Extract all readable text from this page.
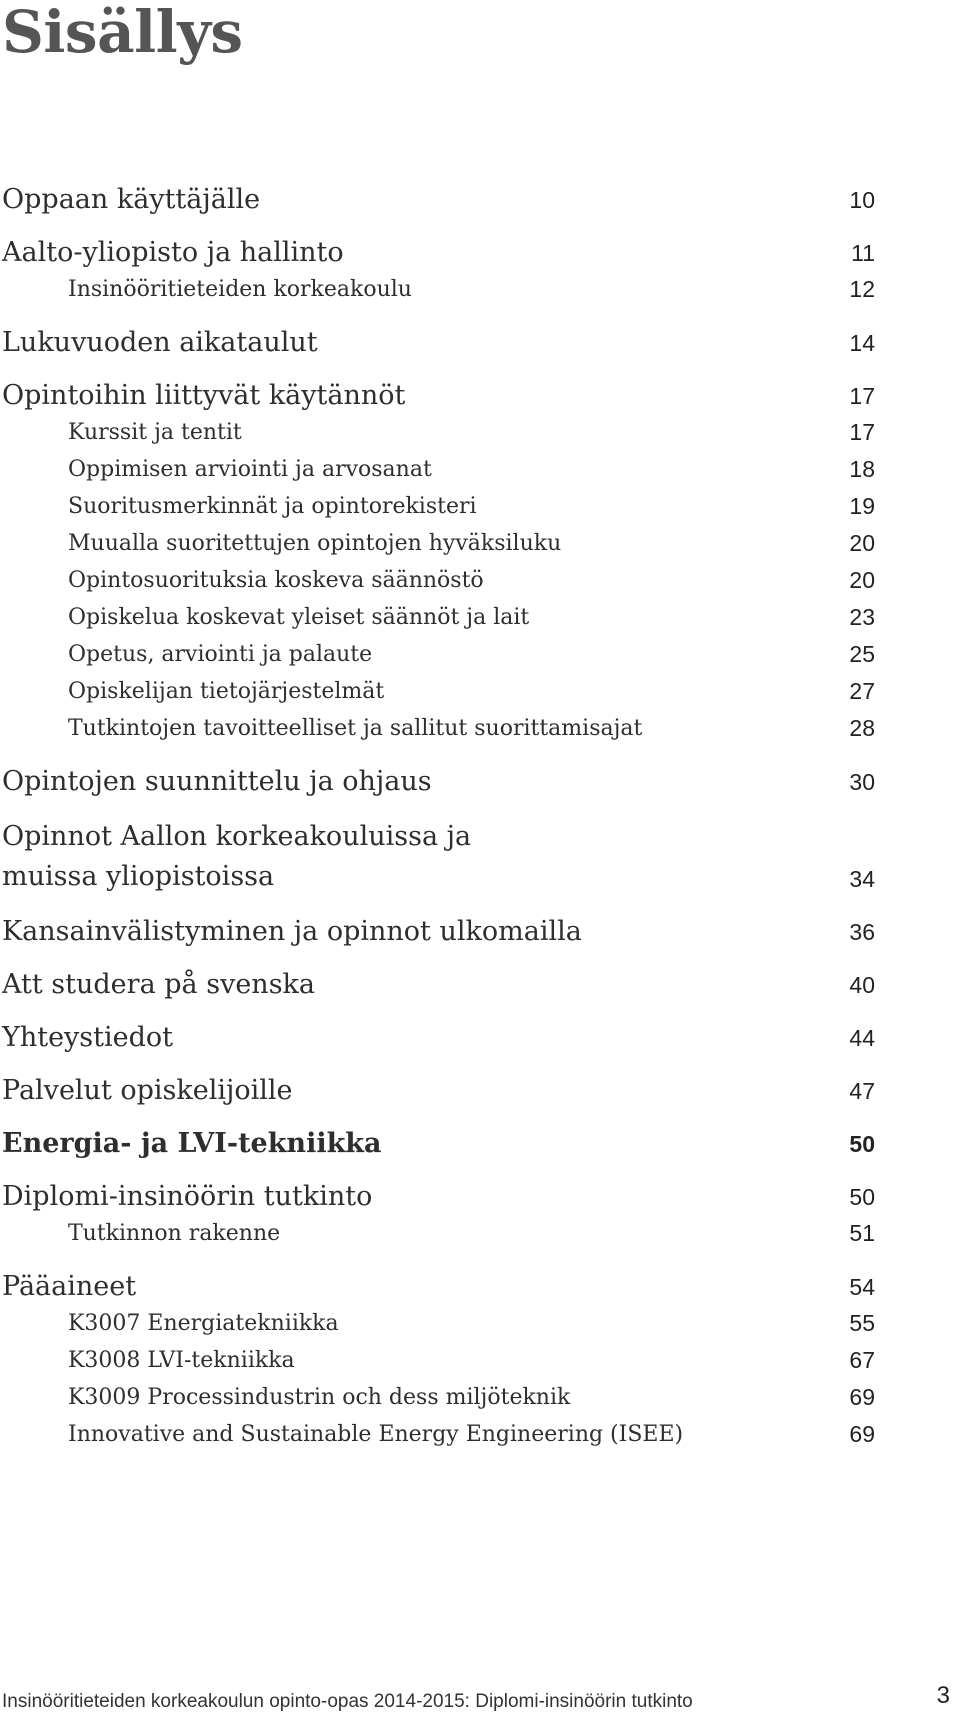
Sisällys
Oppaan käyttäjälle	10
Aalto-yliopisto ja hallinto	11
Insinööritieteiden korkeakoulu	12
Lukuvuoden aikataulut	14
Opintoihin liittyvät käytännöt	17
Kurssit ja tentit	17
Oppimisen arviointi ja arvosanat	18
Suoritusmerkinnät ja opintorekisteri	19
Muualla suoritettujen opintojen hyväksiluku	20
Opintosuorituksia koskeva säännöstö	20
Opiskelua koskevat yleiset säännöt ja lait	23
Opetus, arviointi ja palaute	25
Opiskelijan tietojärjestelmät	27
Tutkintojen tavoitteelliset ja sallitut suorittamisajat	28
Opintojen suunnittelu ja ohjaus	30
Opinnot Aallon korkeakouluissa ja
muissa yliopistoissa	34
Kansainvälistyminen ja opinnot ulkomailla	36
Att studera på svenska	40
Yhteystiedot	44
Palvelut opiskelijoille	47
Energia- ja LVI-tekniikka	50
Diplomi-insinöörin tutkinto	50
Tutkinnon rakenne	51
Pääaineet	54
K3007 Energiatekniikka	55
K3008 LVI-tekniikka	67
K3009 Processindustrin och dess miljöteknik	69
Innovative and Sustainable Energy Engineering (ISEE)	69
Insinööritieteiden korkeakoulun opinto-opas 2014-2015: Diplomi-insinöörin tutkinto	3
